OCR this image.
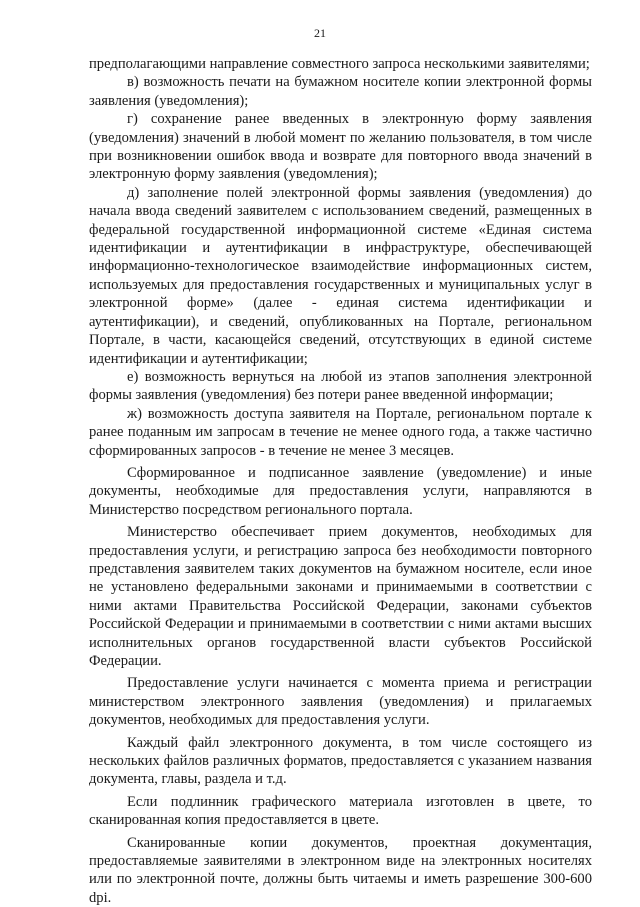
21

предполагающими направление совместного запроса несколькими заявителями;

в) возможность печати на бумажном носителе копии электронной формы заявления (уведомления);

г) сохранение ранее введенных в электронную форму заявления (уведомления) значений в любой момент по желанию пользователя, в том числе при возникновении ошибок ввода и возврате для повторного ввода значений в электронную форму заявления (уведомления);

д) заполнение полей электронной формы заявления (уведомления) до начала ввода сведений заявителем с использованием сведений, размещенных в федеральной государственной информационной системе «Единая система идентификации и аутентификации в инфраструктуре, обеспечивающей информационно-технологическое взаимодействие информационных систем, используемых для предоставления государственных и муниципальных услуг в электронной форме» (далее - единая система идентификации и аутентификации), и сведений, опубликованных на Портале, региональном Портале, в части, касающейся сведений, отсутствующих в единой системе идентификации и аутентификации;

е) возможность вернуться на любой из этапов заполнения электронной формы заявления (уведомления) без потери ранее введенной информации;

ж) возможность доступа заявителя на Портале, региональном портале к ранее поданным им запросам в течение не менее одного года, а также частично сформированных запросов - в течение не менее 3 месяцев.

Сформированное и подписанное заявление (уведомление) и иные документы, необходимые для предоставления услуги, направляются в Министерство посредством регионального портала.

Министерство обеспечивает прием документов, необходимых для предоставления услуги, и регистрацию запроса без необходимости повторного представления заявителем таких документов на бумажном носителе, если иное не установлено федеральными законами и принимаемыми в соответствии с ними актами Правительства Российской Федерации, законами субъектов Российской Федерации и принимаемыми в соответствии с ними актами высших исполнительных органов государственной власти субъектов Российской Федерации.

Предоставление услуги начинается с момента приема и регистрации министерством электронного заявления (уведомления) и прилагаемых документов, необходимых для предоставления услуги.

Каждый файл электронного документа, в том числе состоящего из нескольких файлов различных форматов, предоставляется с указанием названия документа, главы, раздела и т.д.

Если подлинник графического материала изготовлен в цвете, то сканированная копия предоставляется в цвете.

Сканированные копии документов, проектная документация, предоставляемые заявителями в электронном виде на электронных носителях или по электронной почте, должны быть читаемы и иметь разрешение 300-600 dpi.
